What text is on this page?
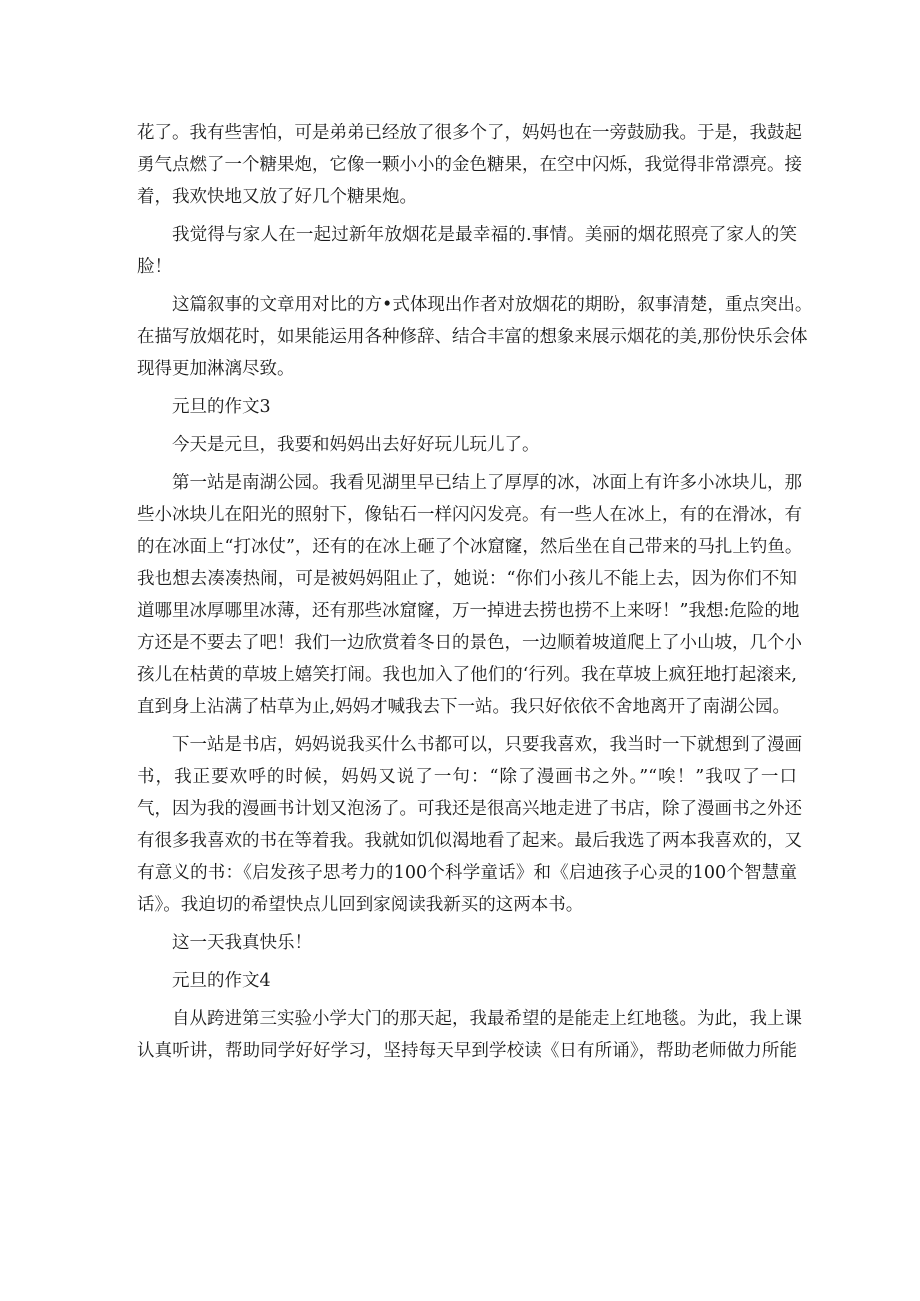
花了。我有些害怕，可是弟弟已经放了很多个了，妈妈也在一旁鼓励我。于是，我鼓起
勇气点燃了一个糖果炮，它像一颗小小的金色糖果，在空中闪烁，我觉得非常漂亮。接
着，我欢快地又放了好几个糖果炮。
我觉得与家人在一起过新年放烟花是最幸福的.事情。美丽的烟花照亮了家人的笑
脸！
这篇叙事的文章用对比的方•式体现出作者对放烟花的期盼，叙事清楚，重点突出。
在描写放烟花时，如果能运用各种修辞、结合丰富的想象来展示烟花的美,那份快乐会体
现得更加淋漓尽致。
元旦的作文3
今天是元旦，我要和妈妈出去好好玩儿玩儿了。
第一站是南湖公园。我看见湖里早已结上了厚厚的冰，冰面上有许多小冰块儿，那
些小冰块儿在阳光的照射下，像钻石一样闪闪发亮。有一些人在冰上，有的在滑冰，有
的在冰面上“打冰仗”，还有的在冰上砸了个冰窟窿，然后坐在自己带来的马扎上钓鱼。
我也想去凑凑热闹，可是被妈妈阻止了，她说：“你们小孩儿不能上去，因为你们不知
道哪里冰厚哪里冰薄，还有那些冰窟窿，万一掉进去捞也捞不上来呀！”我想:危险的地
方还是不要去了吧！我们一边欣赏着冬日的景色，一边顺着坡道爬上了小山坡，几个小
孩儿在枯黄的草坡上嬉笑打闹。我也加入了他们的‘行列。我在草坡上疯狂地打起滚来,
直到身上沾满了枯草为止,妈妈才喊我去下一站。我只好依依不舍地离开了南湖公园。
下一站是书店，妈妈说我买什么书都可以，只要我喜欢，我当时一下就想到了漫画
书，我正要欢呼的时候，妈妈又说了一句：“除了漫画书之外。”“唉！”我叹了一口
气，因为我的漫画书计划又泡汤了。可我还是很高兴地走进了书店，除了漫画书之外还
有很多我喜欢的书在等着我。我就如饥似渴地看了起来。最后我选了两本我喜欢的，又
有意义的书：《启发孩子思考力的100个科学童话》和《启迪孩子心灵的100个智慧童
话》。我迫切的希望快点儿回到家阅读我新买的这两本书。
这一天我真快乐！
元旦的作文4
自从跨进第三实验小学大门的那天起，我最希望的是能走上红地毯。为此，我上课
认真听讲，帮助同学好好学习，坚持每天早到学校读《日有所诵》，帮助老师做力所能
